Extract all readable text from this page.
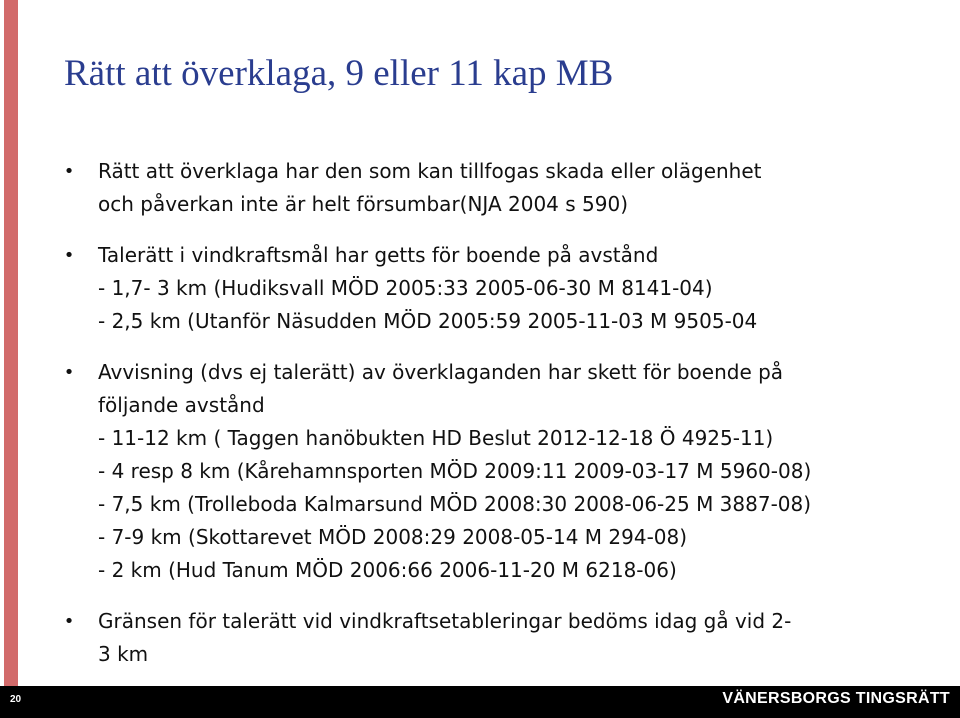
Rätt att överklaga, 9 eller 11 kap MB
• Rätt att överklaga har den som kan tillfogas skada eller olägenhet
och påverkan inte är helt försumbar(NJA 2004 s 590)
• Talerätt i vindkraftsmål har getts för boende på avstånd
- 1,7- 3 km (Hudiksvall MÖD 2005:33 2005-06-30 M 8141-04)
- 2,5 km (Utanför Näsudden MÖD 2005:59 2005-11-03 M 9505-04
• Avvisning (dvs ej talerätt) av överklaganden har skett för boende på
följande avstånd
- 11-12 km ( Taggen hanöbukten HD Beslut 2012-12-18 Ö 4925-11)
- 4 resp 8 km (Kårehamnsporten MÖD 2009:11 2009-03-17 M 5960-08)
- 7,5 km (Trolleboda Kalmarsund MÖD 2008:30 2008-06-25 M 3887-08)
- 7-9 km (Skottarevet MÖD 2008:29 2008-05-14 M 294-08)
- 2 km (Hud Tanum MÖD 2006:66 2006-11-20 M 6218-06)
• Gränsen för talerätt vid vindkraftsetableringar bedöms idag gå vid 2-
3 km
20	VÄNERSBORGS TINGSRÄTT
